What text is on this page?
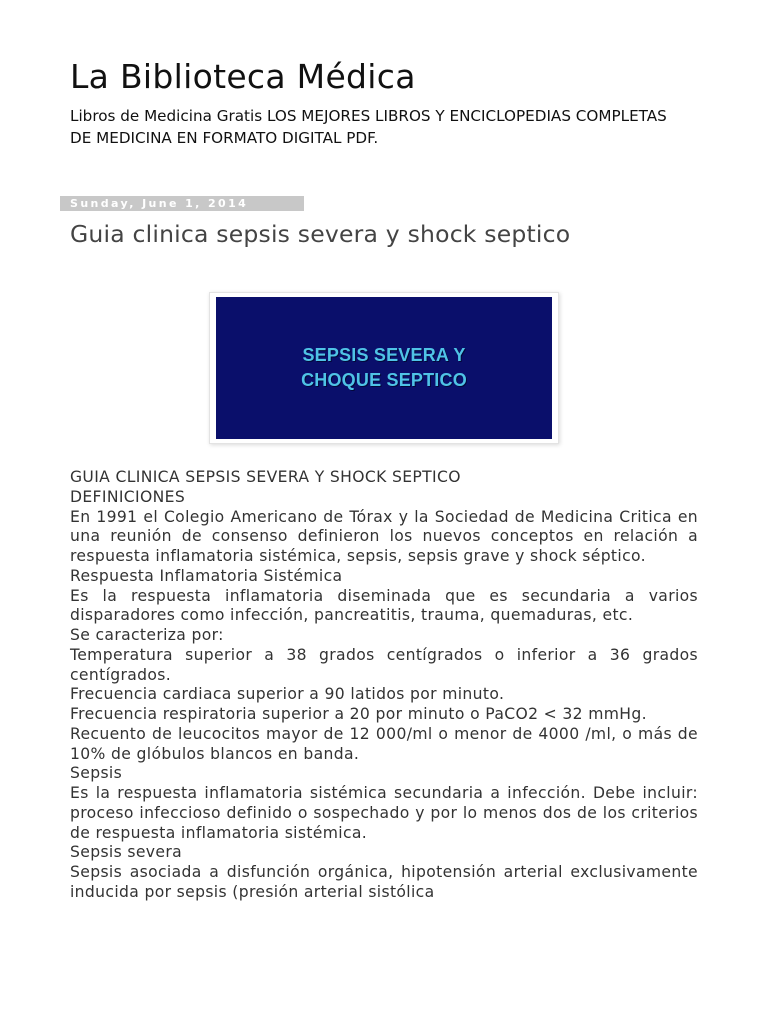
La Biblioteca Médica
Libros de Medicina Gratis LOS MEJORES LIBROS Y ENCICLOPEDIAS COMPLETAS DE MEDICINA EN FORMATO DIGITAL PDF.
Sunday, June 1, 2014
Guia clinica sepsis severa y shock septico
SEPSIS SEVERA Y
CHOQUE SEPTICO

GUIA CLINICA SEPSIS SEVERA Y SHOCK SEPTICO

DEFINICIONES

En 1991 el Colegio Americano de Tórax y la Sociedad de Medicina Critica en una reunión de consenso definieron los nuevos conceptos en relación a respuesta inflamatoria sistémica, sepsis, sepsis grave y shock séptico.

Respuesta Inflamatoria Sistémica

Es la respuesta inflamatoria diseminada que es secundaria a varios disparadores como infección, pancreatitis, trauma, quemaduras, etc.

Se caracteriza por:

Temperatura superior a 38 grados centígrados o inferior a 36 grados centígrados.

Frecuencia cardiaca superior a 90 latidos por minuto.

Frecuencia respiratoria superior a 20 por minuto o PaCO2 < 32 mmHg.

Recuento de leucocitos mayor de 12 000/ml o menor de 4000 /ml, o más de 10% de glóbulos blancos en banda.

Sepsis

Es la respuesta inflamatoria sistémica secundaria a infección. Debe incluir: proceso infeccioso definido o sospechado y por lo menos dos de los criterios de respuesta inflamatoria sistémica.

Sepsis severa

Sepsis asociada a disfunción orgánica, hipotensión arterial exclusivamente inducida por sepsis (presión arterial sistólica
